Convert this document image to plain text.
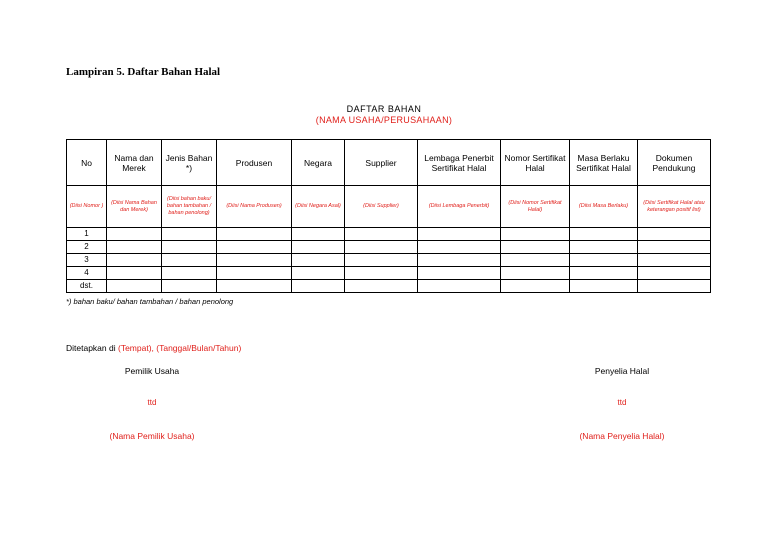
Lampiran 5. Daftar Bahan Halal
DAFTAR BAHAN
(NAMA USAHA/PERUSAHAAN)
No	Nama dan Merek	Jenis Bahan *)	Produsen	Negara	Supplier	Lembaga Penerbit Sertifikat Halal	Nomor Sertifikat Halal	Masa Berlaku Sertifikat Halal	Dokumen Pendukung
(Diisi Nomor )	(Diisi Nama Bahan dan Merek)	(Diisi bahan baku/ bahan tambahan / bahan penolong)	(Diisi Nama Produsen)	(Diisi Negara Asal)	(Diisi Supplier)	(Diisi Lembaga Penerbit)	(Diisi Nomor Sertifikat Halal)	(Diisi Masa Berlaku)	(Diisi Sertifikat Halal atau keterangan positif list)
1									
2									
3									
4									
dst.									
*) bahan baku/ bahan tambahan / bahan penolong
Ditetapkan di (Tempat), (Tanggal/Bulan/Tahun)
Pemilik Usaha
ttd
(Nama Pemilik Usaha)
Penyelia Halal
ttd
(Nama Penyelia Halal)
